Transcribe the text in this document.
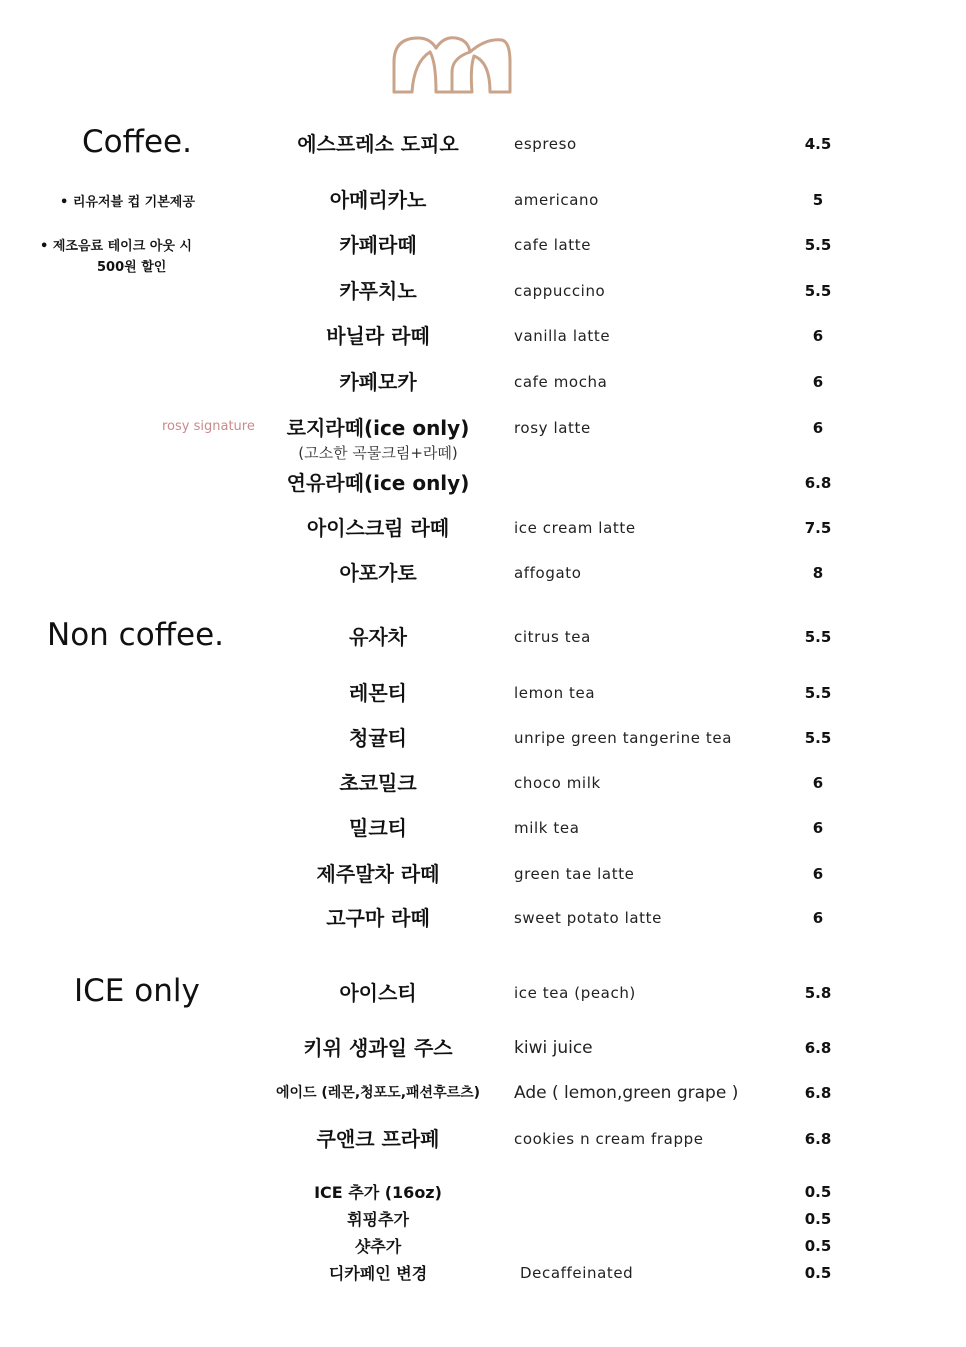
Coffee.
• 리유저블 컵 기본제공
• 제조음료 테이크 아웃 시
500원 할인
rosy signature
에스프레소 도피오	espreso	4.5
아메리카노	americano	5
카페라떼	cafe latte	5.5
카푸치노	cappuccino	5.5
바닐라 라떼	vanilla latte	6
카페모카	cafe mocha	6
로지라떼(ice only)	rosy latte	6
(고소한 곡물크림+라떼)
연유라떼(ice only)	6.8
아이스크림 라떼	ice cream latte	7.5
아포가토	affogato	8
Non coffee.	유자차	citrus tea	5.5
레몬티	lemon tea	5.5
청귤티	unripe green tangerine tea	5.5
초코밀크	choco milk	6
밀크티	milk tea	6
제주말차 라떼	green tae latte	6
고구마 라떼	sweet potato latte	6
ICE only	아이스티	ice tea (peach)	5.8
키위 생과일 주스	kiwi juice	6.8
에이드 (레몬,청포도,패션후르츠) Ade ( lemon,green grape )	6.8
쿠앤크 프라페	cookies n cream frappe	6.8
ICE 추가 (16oz)	0.5
휘핑추가	0.5
샷추가	0.5
디카페인 변경	Decaffeinated	0.5
